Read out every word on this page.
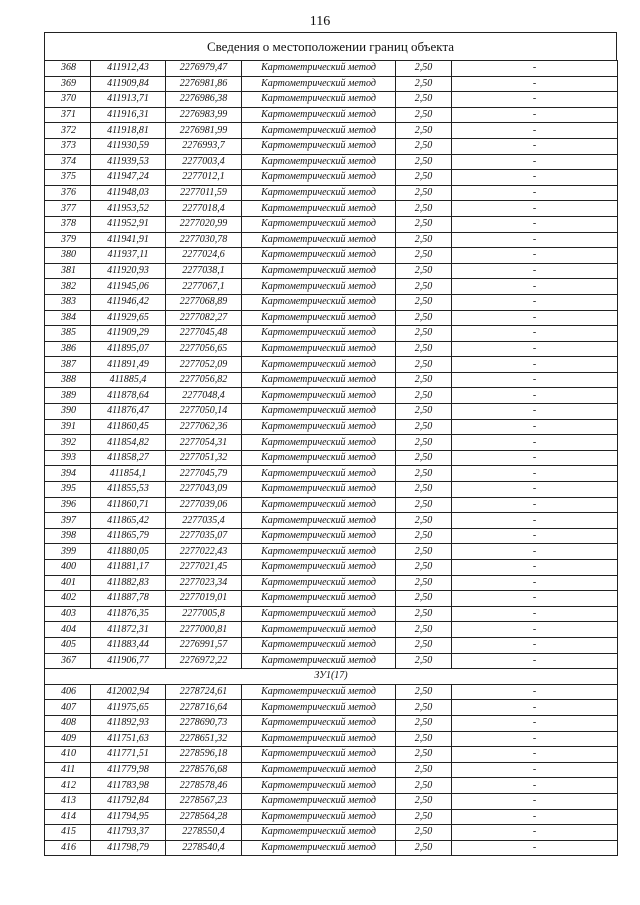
116
Сведения о местоположении границ объекта
368	411912,43	2276979,47	Картометрический метод	2,50	-
369	411909,84	2276981,86	Картометрический метод	2,50	-
370	411913,71	2276986,38	Картометрический метод	2,50	-
371	411916,31	2276983,99	Картометрический метод	2,50	-
372	411918,81	2276981,99	Картометрический метод	2,50	-
373	411930,59	2276993,7	Картометрический метод	2,50	-
374	411939,53	2277003,4	Картометрический метод	2,50	-
375	411947,24	2277012,1	Картометрический метод	2,50	-
376	411948,03	2277011,59	Картометрический метод	2,50	-
377	411953,52	2277018,4	Картометрический метод	2,50	-
378	411952,91	2277020,99	Картометрический метод	2,50	-
379	411941,91	2277030,78	Картометрический метод	2,50	-
380	411937,11	2277024,6	Картометрический метод	2,50	-
381	411920,93	2277038,1	Картометрический метод	2,50	-
382	411945,06	2277067,1	Картометрический метод	2,50	-
383	411946,42	2277068,89	Картометрический метод	2,50	-
384	411929,65	2277082,27	Картометрический метод	2,50	-
385	411909,29	2277045,48	Картометрический метод	2,50	-
386	411895,07	2277056,65	Картометрический метод	2,50	-
387	411891,49	2277052,09	Картометрический метод	2,50	-
388	411885,4	2277056,82	Картометрический метод	2,50	-
389	411878,64	2277048,4	Картометрический метод	2,50	-
390	411876,47	2277050,14	Картометрический метод	2,50	-
391	411860,45	2277062,36	Картометрический метод	2,50	-
392	411854,82	2277054,31	Картометрический метод	2,50	-
393	411858,27	2277051,32	Картометрический метод	2,50	-
394	411854,1	2277045,79	Картометрический метод	2,50	-
395	411855,53	2277043,09	Картометрический метод	2,50	-
396	411860,71	2277039,06	Картометрический метод	2,50	-
397	411865,42	2277035,4	Картометрический метод	2,50	-
398	411865,79	2277035,07	Картометрический метод	2,50	-
399	411880,05	2277022,43	Картометрический метод	2,50	-
400	411881,17	2277021,45	Картометрический метод	2,50	-
401	411882,83	2277023,34	Картометрический метод	2,50	-
402	411887,78	2277019,01	Картометрический метод	2,50	-
403	411876,35	2277005,8	Картометрический метод	2,50	-
404	411872,31	2277000,81	Картометрический метод	2,50	-
405	411883,44	2276991,57	Картометрический метод	2,50	-
367	411906,77	2276972,22	Картометрический метод	2,50	-
ЗУ1(17)					
406	412002,94	2278724,61	Картометрический метод	2,50	-
407	411975,65	2278716,64	Картометрический метод	2,50	-
408	411892,93	2278690,73	Картометрический метод	2,50	-
409	411751,63	2278651,32	Картометрический метод	2,50	-
410	411771,51	2278596,18	Картометрический метод	2,50	-
411	411779,98	2278576,68	Картометрический метод	2,50	-
412	411783,98	2278578,46	Картометрический метод	2,50	-
413	411792,84	2278567,23	Картометрический метод	2,50	-
414	411794,95	2278564,28	Картометрический метод	2,50	-
415	411793,37	2278550,4	Картометрический метод	2,50	-
416	411798,79	2278540,4	Картометрический метод	2,50	-
